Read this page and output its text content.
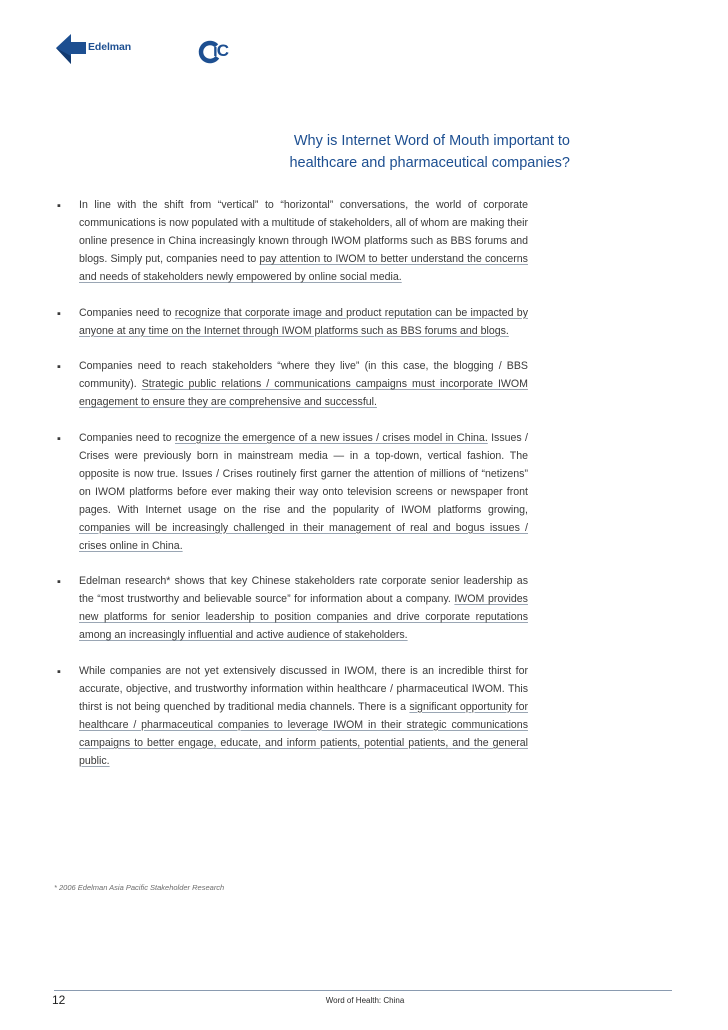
Edelman	iC
Why is Internet Word of Mouth important to
healthcare and pharmaceutical companies?
▪ In line with the shift from “vertical” to “horizontal” conversations, the world of corporate communications is now populated with a multitude of stakeholders, all of whom are making their online presence in China increasingly known through IWOM platforms such as BBS forums and blogs. Simply put, companies need to pay attention to IWOM to better understand the concerns and needs of stakeholders newly empowered by online social media.
▪ Companies need to recognize that corporate image and product reputation can be impacted by anyone at any time on the Internet through IWOM platforms such as BBS forums and blogs.
▪ Companies need to reach stakeholders “where they live” (in this case, the blogging / BBS community). Strategic public relations / communications campaigns must incorporate IWOM engagement to ensure they are comprehensive and successful.
▪ Companies need to recognize the emergence of a new issues / crises model in China. Issues / Crises were previously born in mainstream media — in a top-down, vertical fashion. The opposite is now true. Issues / Crises routinely first garner the attention of millions of “netizens” on IWOM platforms before ever making their way onto television screens or newspaper front pages. With Internet usage on the rise and the popularity of IWOM platforms growing, companies will be increasingly challenged in their management of real and bogus issues / crises online in China.
▪ Edelman research* shows that key Chinese stakeholders rate corporate senior leadership as the “most trustworthy and believable source” for information about a company. IWOM provides new platforms for senior leadership to position companies and drive corporate reputations among an increasingly influential and active audience of stakeholders.
▪ While companies are not yet extensively discussed in IWOM, there is an incredible thirst for accurate, objective, and trustworthy information within healthcare / pharmaceutical IWOM. This thirst is not being quenched by traditional media channels. There is a significant opportunity for healthcare / pharmaceutical companies to leverage IWOM in their strategic communications campaigns to better engage, educate, and inform patients, potential patients, and the general public.
* 2006 Edelman Asia Pacific Stakeholder Research
12	Word of Health: China
